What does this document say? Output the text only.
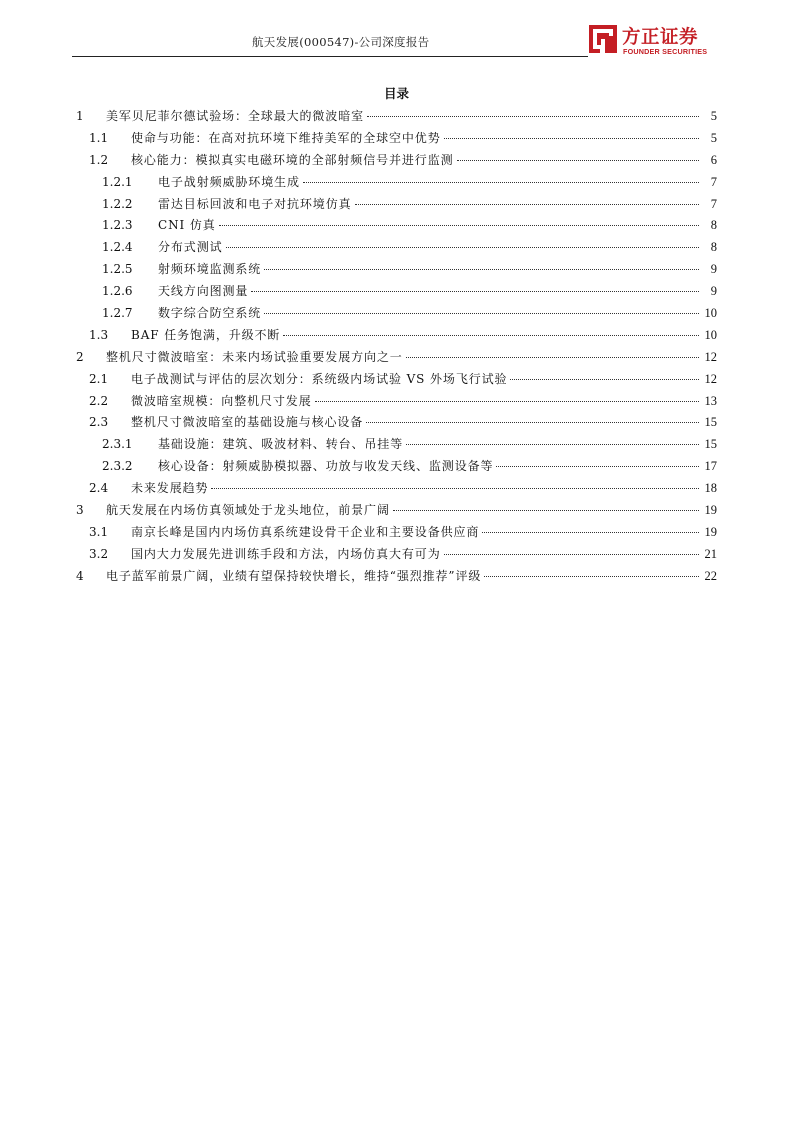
航天发展(000547)-公司深度报告	方正证券
FOUNDER SECURITIES
目录
1	美军贝尼菲尔德试验场：全球最大的微波暗室	5
1.1	使命与功能：在高对抗环境下维持美军的全球空中优势	5
1.2	核心能力：模拟真实电磁环境的全部射频信号并进行监测	6
1.2.1	电子战射频威胁环境生成	7
1.2.2	雷达目标回波和电子对抗环境仿真	7
1.2.3	CNI 仿真	8
1.2.4	分布式测试	8
1.2.5	射频环境监测系统	9
1.2.6	天线方向图测量	9
1.2.7	数字综合防空系统	10
1.3	BAF 任务饱满，升级不断	10
2	整机尺寸微波暗室：未来内场试验重要发展方向之一	12
2.1	电子战测试与评估的层次划分：系统级内场试验 VS 外场飞行试验	12
2.2	微波暗室规模：向整机尺寸发展	13
2.3	整机尺寸微波暗室的基础设施与核心设备	15
2.3.1	基础设施：建筑、吸波材料、转台、吊挂等	15
2.3.2	核心设备：射频威胁模拟器、功放与收发天线、监测设备等	17
2.4	未来发展趋势	18
3	航天发展在内场仿真领域处于龙头地位，前景广阔	19
3.1	南京长峰是国内内场仿真系统建设骨干企业和主要设备供应商	19
3.2	国内大力发展先进训练手段和方法，内场仿真大有可为	21
4	电子蓝军前景广阔，业绩有望保持较快增长，维持“强烈推荐”评级	22
